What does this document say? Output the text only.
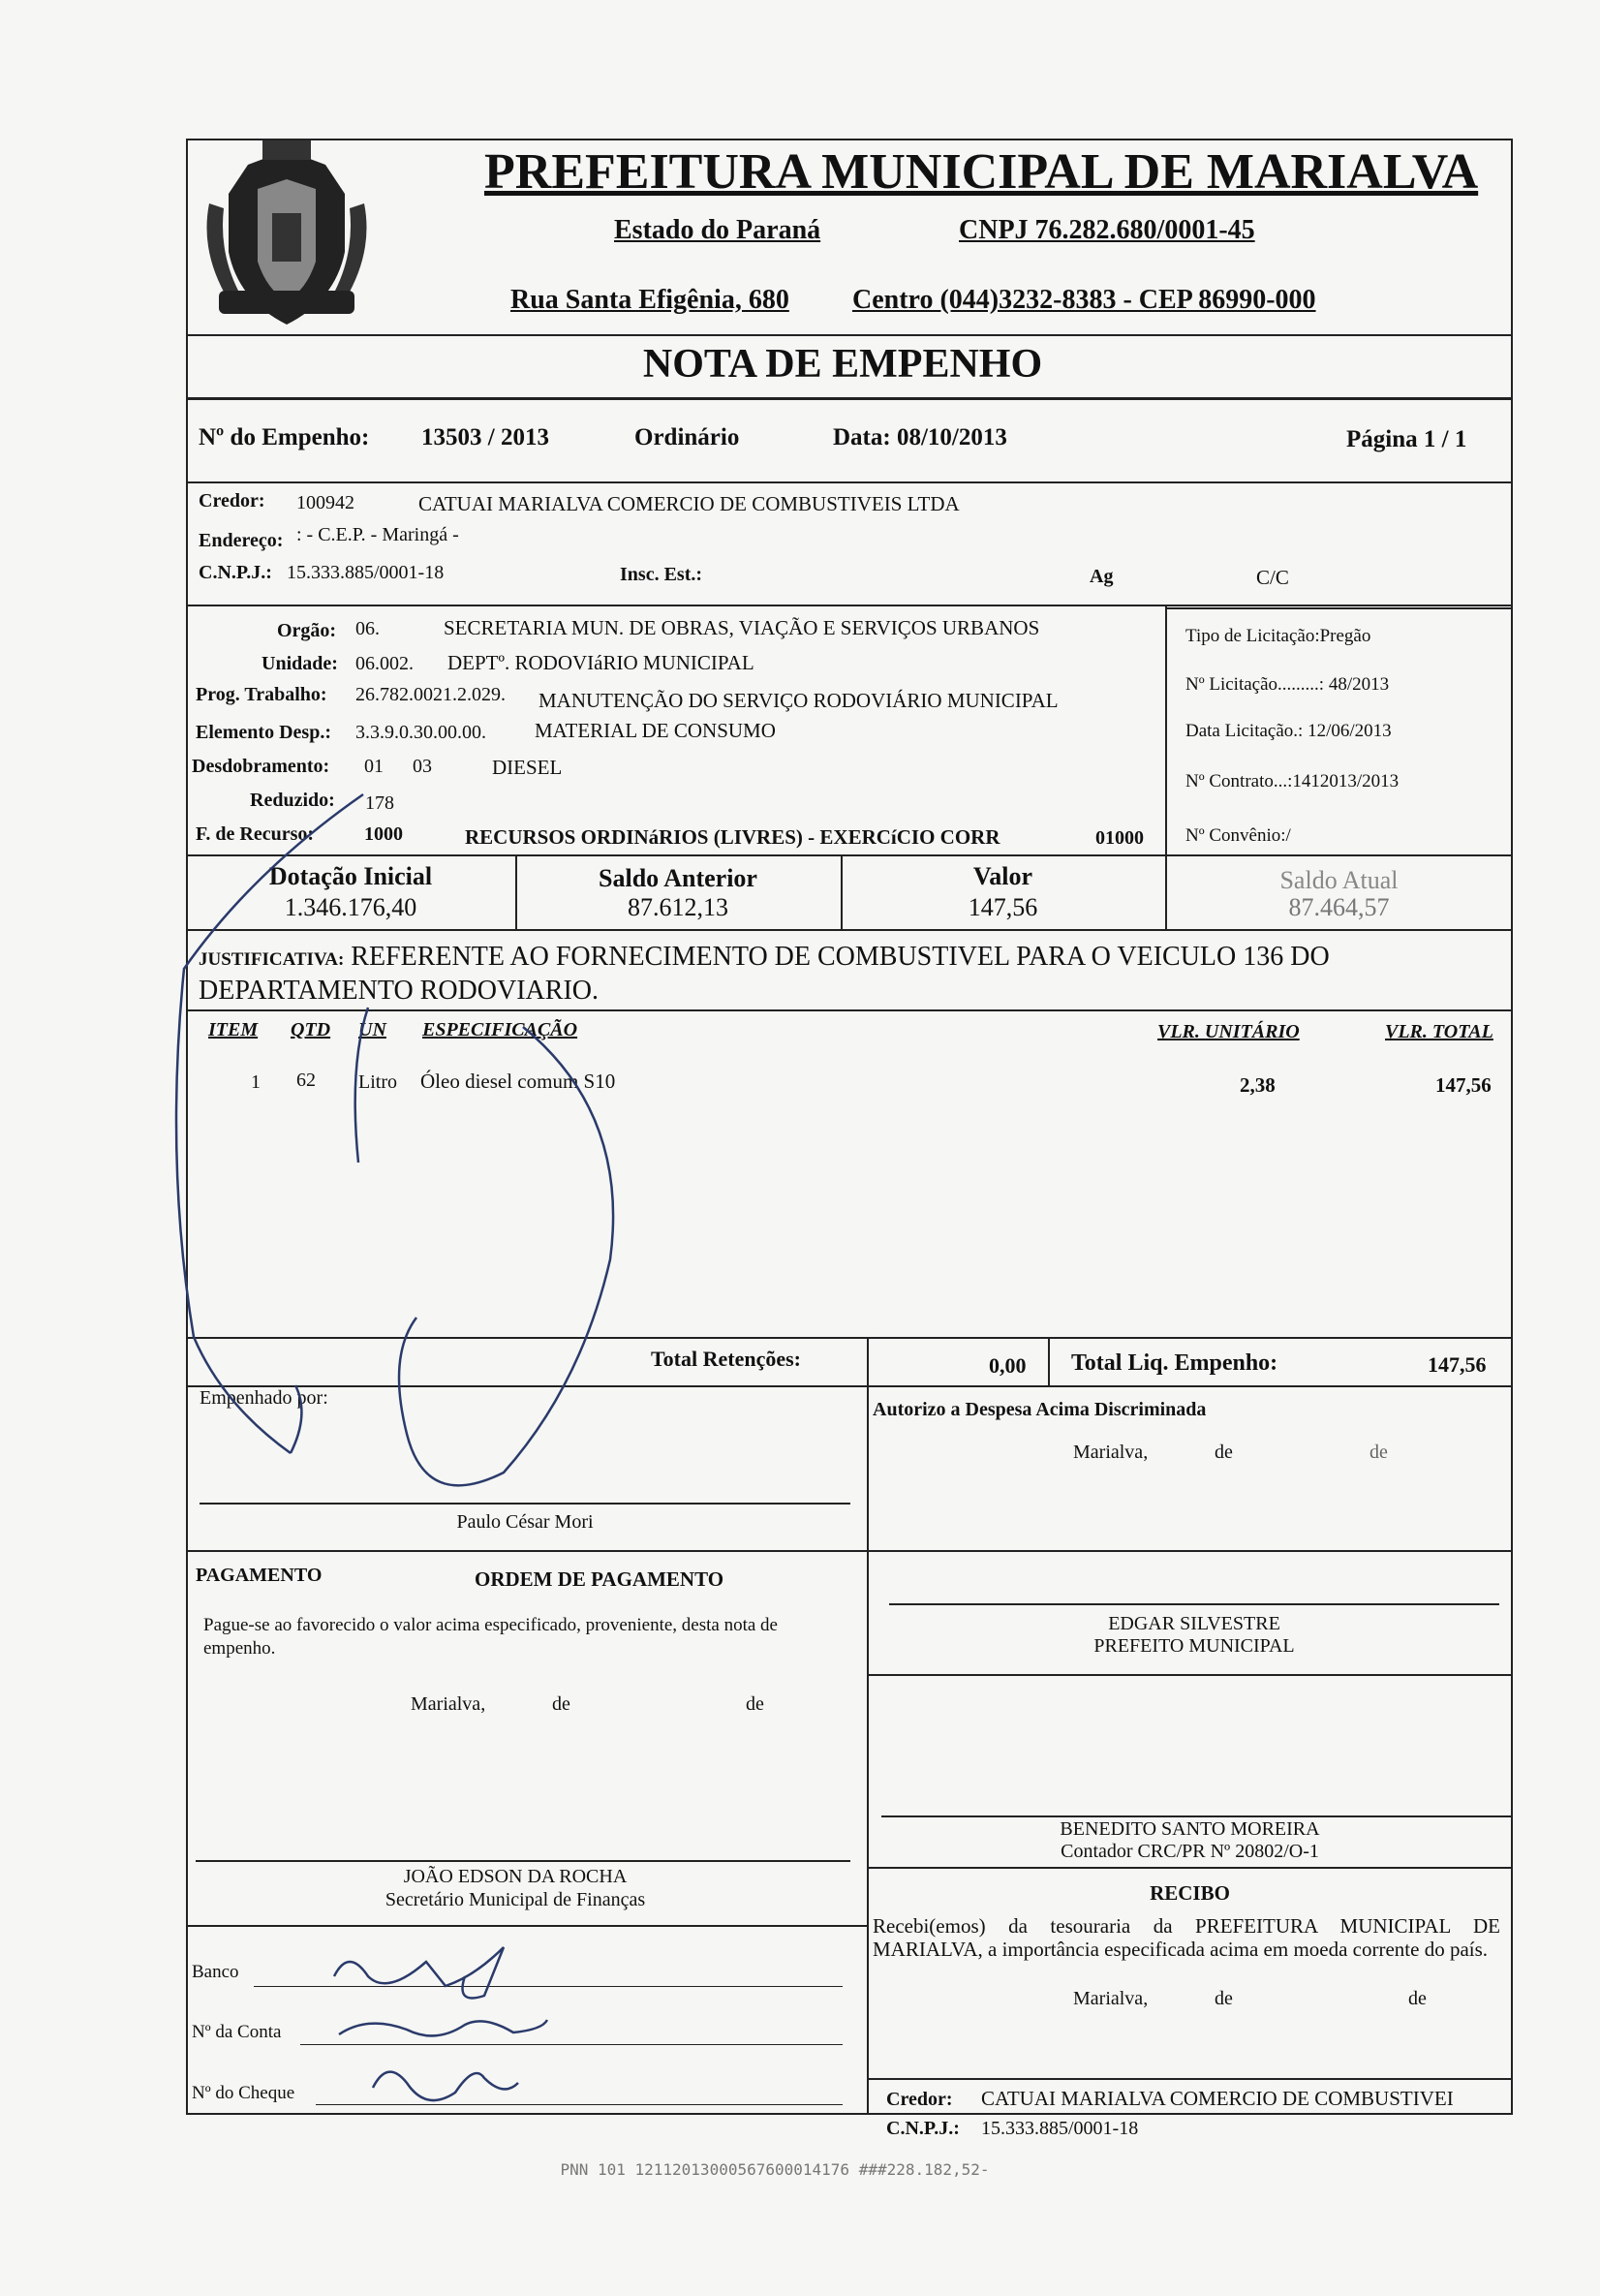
PREFEITURA MUNICIPAL DE MARIALVA
Estado do Paraná	CNPJ 76.282.680/0001-45
Rua Santa Efigênia, 680 Centro (044)3232-8383 - CEP 86990-000
NOTA DE EMPENHO
Nº do Empenho: 13503 / 2013	Ordinário	Data: 08/10/2013	Página 1 / 1
Credor: 100942	CATUAI MARIALVA COMERCIO DE COMBUSTIVEIS LTDA
Endereço: : - C.E.P. - Maringá -
C.N.P.J.: 15.333.885/0001-18	Insc. Est.:	Ag	C/C
Orgão: 06.	SECRETARIA MUN. DE OBRAS, VIAÇÃO E SERVIÇOS URBANOS
Unidade: 06.002. DEPTº. RODOVIáRIO MUNICIPAL
Prog. Trabalho: 26.782.0021.2.029. MANUTENÇÃO DO SERVIÇO RODOVIÁRIO MUNICIPAL
Elemento Desp.: 3.3.9.0.30.00.00. MATERIAL DE CONSUMO
Desdobramento: 01      03	DIESEL
Reduzido: 178
F. de Recurso:	1000	RECURSOS ORDINáRIOS (LIVRES) - EXERCíCIO CORR	01000
Tipo de Licitação:Pregão
Nº Licitação.........: 48/2013
Data Licitação.: 12/06/2013
Nº Contrato...:1412013/2013
Nº Convênio:/
Dotação Inicial
1.346.176,40
Saldo Anterior
87.612,13
Valor
147,56
Saldo Atual
87.464,57
JUSTIFICATIVA: REFERENTE AO FORNECIMENTO DE COMBUSTIVEL PARA O VEICULO 136 DO DEPARTAMENTO RODOVIARIO.
ITEM QTD UN ESPECIFICAÇÃO	VLR. UNITÁRIO	VLR. TOTAL
1 62 Litro Óleo diesel comum S10	2,38	147,56
Total Retenções:	0,00 Total Liq. Empenho:	147,56
Empenhado por:
Paulo César Mori
Autorizo a Despesa Acima Discriminada
Marialva,	de	de
PAGAMENTO	ORDEM DE PAGAMENTO
Pague-se ao favorecido o valor acima especificado, proveniente, desta nota de empenho.
Marialva,	de	de
EDGAR SILVESTRE
PREFEITO MUNICIPAL
BENEDITO SANTO MOREIRA
Contador CRC/PR Nº 20802/O-1
JOÃO EDSON DA ROCHA
Secretário Municipal de Finanças	RECIBO
Recebi(emos) da tesouraria da PREFEITURA MUNICIPAL DE MARIALVA, a importância especificada acima em moeda corrente do país.
Marialva,	de	de
Banco
Nº da Conta
Nº do Cheque	Credor: CATUAI MARIALVA COMERCIO DE COMBUSTIVEI
C.N.P.J.: 15.333.885/0001-18
PNN 101 12112013000567600014176 ###228.182,52-
